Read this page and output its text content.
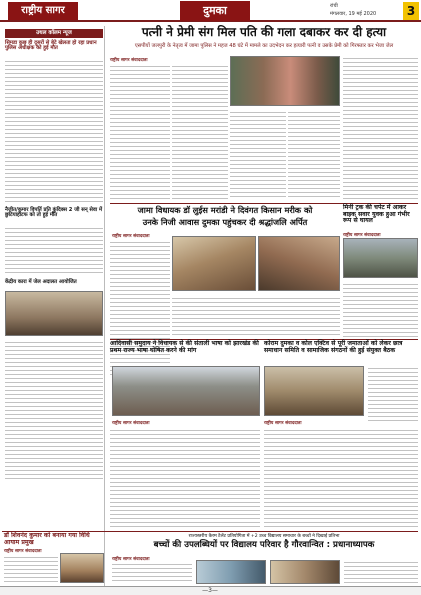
राष्ट्रीय सागर	दुमका	रांची
मंगलवार, 19 मई 2020	3
उथल कॉलम न्यूज
सिमडा कुछ ही दूसरों से बेटे खेलता हो रहा प्रधान पुलिस अधीक्षक को हुई मौत
नैजीत/कुमार विपर्ति प्रति कुंदिक्स 2 जी सन् सेवा में छुटियाहाटफ को तो हुई मौत
केंद्रीय कारा में जेल अदालत आयोजित
पत्नी ने प्रेमी संग मिल पति की गला दबाकर कर दी हत्या
एसपीयों जलपुरी के नेतृत्व में जामा पुलिस ने महज 48 घंटे में मामले का उदभेदन कर हत्यारी पत्नी व उसके प्रेमी को गिरफ्तार कर भेजा जेल
राष्ट्रीय सागर संवाददाता
जामा विधायक डॉ लुईस मरांडी ने दिवंगत किसान मरीक को
उनके निजी आवास दुमका पहुंचकर दी श्रद्धांजलि अर्पित
राष्ट्रीय सागर संवाददाता
मिनी ट्रक की चपेट में आकर बाइक सवार युवक हुआ गंभीर रूप से घायल
राष्ट्रीय सागर संवाददाता
आदिवासी समुदाय ने विधायक से की संताली भाषा को झारखंड की प्रथम राज्य भाषा घोषित करने की मांग
राष्ट्रीय सागर संवाददाता
कोराम दुमका व कोल एक्टिव से पूरी जमाताओं को लेकर छात्र समाधान समिति व सामाजिक संगठनों की हुई संयुक्त बैठक
राष्ट्रीय सागर संवाददाता
डॉ शिवनंद कुमार को बनाया गया विधि आयाम प्रमुख
राष्ट्रीय सागर संवाददाता
राज्यस्तरीय कैरम टैलेंट प्रतियोगिता में +2 उच्च विद्यालय समाचार के बच्चों ने दिखाई प्रतिभा
बच्चों की उपलब्धियों पर विद्यालय परिवार है गौरवान्वित : प्रधानाध्यापक
राष्ट्रीय सागर संवाददाता
—3—
